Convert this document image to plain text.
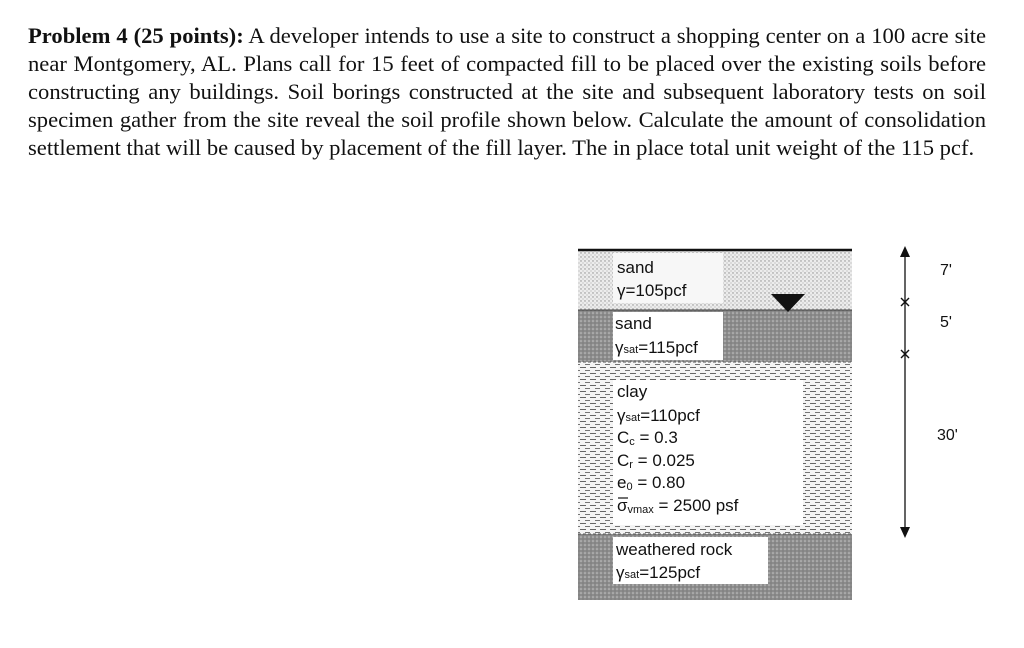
Problem 4 (25 points): A developer intends to use a site to construct a shopping center on a 100 acre site near Montgomery, AL. Plans call for 15 feet of compacted fill to be placed over the existing soils before constructing any buildings. Soil borings constructed at the site and subsequent laboratory tests on soil specimen gather from the site reveal the soil profile shown below. Calculate the amount of consolidation settlement that will be caused by placement of the fill layer. The in place total unit weight of the 115 pcf.

sand
γ=105pcf
sand
γsat=115pcf
clay
γsat=110pcf
Cc = 0.3
Cr = 0.025
e0 = 0.80
σvmax = 2500 psf
weathered rock
γsat=125pcf
7'
5'
30'
